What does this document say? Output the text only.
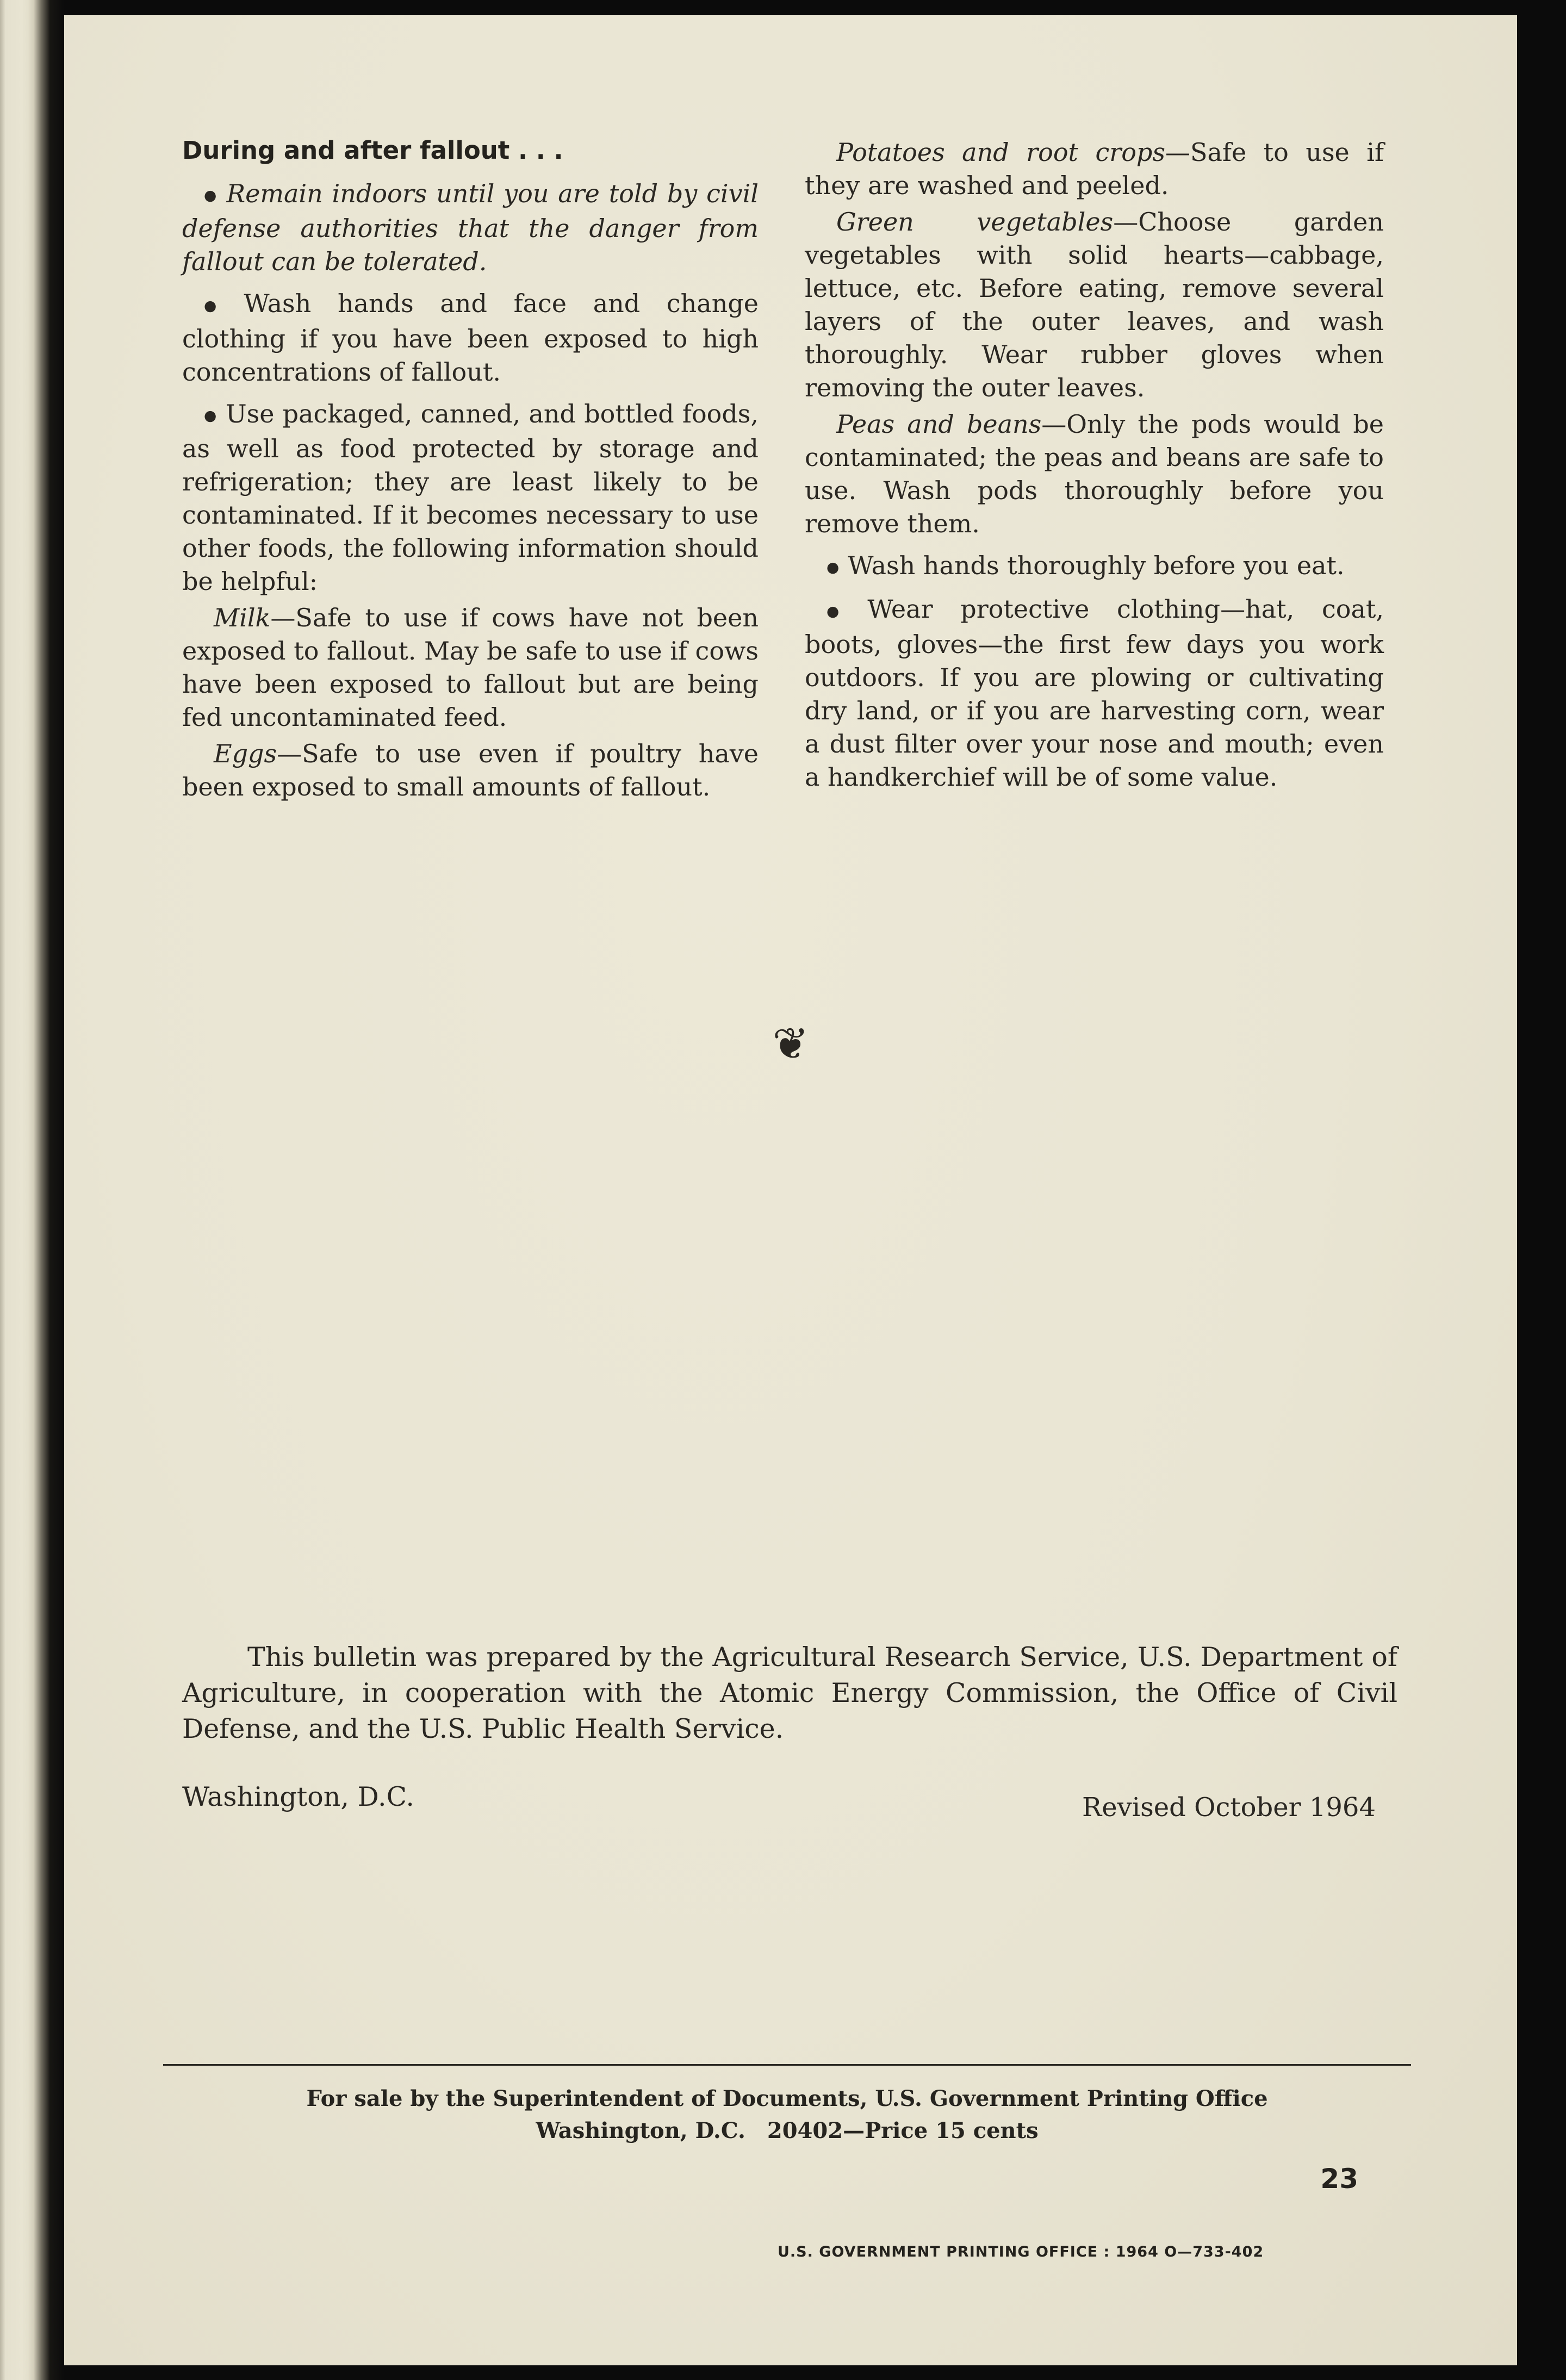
During and after fallout . . .

● Remain indoors until you are told by civil defense authorities that the danger from fallout can be tolerated.

● Wash hands and face and change clothing if you have been exposed to high concentrations of fallout.

● Use packaged, canned, and bottled foods, as well as food protected by storage and refrigeration; they are least likely to be contaminated. If it becomes necessary to use other foods, the following information should be helpful:

Milk—Safe to use if cows have not been exposed to fallout. May be safe to use if cows have been exposed to fallout but are being fed uncontaminated feed.

Eggs—Safe to use even if poultry have been exposed to small amounts of fallout.

Potatoes and root crops—Safe to use if they are washed and peeled.

Green vegetables—Choose garden vegetables with solid hearts—cabbage, lettuce, etc. Before eating, remove several layers of the outer leaves, and wash thoroughly. Wear rubber gloves when removing the outer leaves.

Peas and beans—Only the pods would be contaminated; the peas and beans are safe to use. Wash pods thoroughly before you remove them.

● Wash hands thoroughly before you eat.

● Wear protective clothing—hat, coat, boots, gloves—the first few days you work outdoors. If you are plowing or cultivating dry land, or if you are harvesting corn, wear a dust filter over your nose and mouth; even a handkerchief will be of some value.

❦

This bulletin was prepared by the Agricultural Research Service, U.S. Department of Agriculture, in cooperation with the Atomic Energy Commission, the Office of Civil Defense, and the U.S. Public Health Service.

Washington, D.C.	Revised October 1964
For sale by the Superintendent of Documents, U.S. Government Printing Office
Washington, D.C. 20402—Price 15 cents
23
U.S. GOVERNMENT PRINTING OFFICE : 1964 O—733-402
